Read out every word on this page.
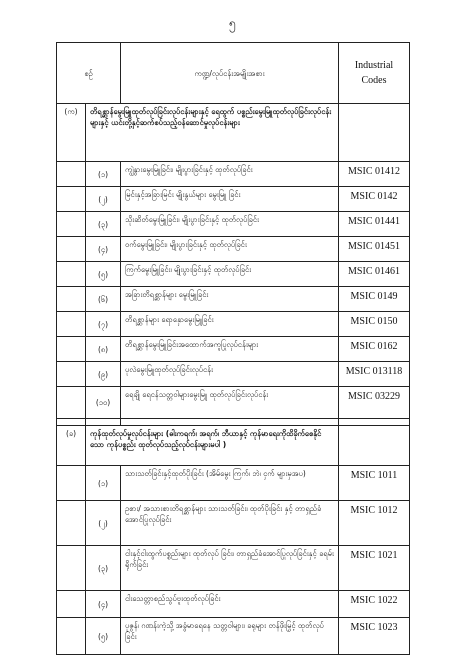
၅
စဉ်		ကဏ္ဍ/လုပ်ငန်းအမျိုးအစား	Industrial Codes
(က)	တိရစ္ဆာန်မွေးမြူထုတ်လုပ်ခြင်းလုပ်ငန်းများနှင့် ရေထွက် ပစ္စည်းမွေးမြူထုတ်လုပ်ခြင်းလုပ်ငန်းများနှင့် ယင်းတို့နှင့်ဆက်စပ်သည့်ဝန်ဆောင်မှုလုပ်ငန်းများ		
	(၁)	ကျွဲနွားမွေးမြူခြင်း၊ မျိုးပွားခြင်းနှင့် ထုတ်လုပ်ခြင်း	MSIC 01412
	(၂)	မြင်းနှင့်အခြားမြင်း မျိုးနွယ်များ မွေးမြူ ခြင်း	MSIC 0142
	(၃)	သိုးဆိတ်မွေးမြူခြင်း၊ မျိုးပွားခြင်းနှင့် ထုတ်လုပ်ခြင်း	MSIC 01441
	(၄)	ဝက်မွေးမြူခြင်း၊ မျိုးပွားခြင်းနှင့် ထုတ်လုပ်ခြင်း	MSIC 01451
	(၅)	ကြက်မွေးမြူခြင်း၊ မျိုးပွားခြင်းနှင့် ထုတ်လုပ်ခြင်း	MSIC 01461
	(၆)	အခြားတိရစ္ဆာန်များ မွေးမြူခြင်း	MSIC 0149
	(၇)	တိရစ္ဆာန်များ ရောနှောမွေးမြူခြင်း	MSIC 0150
	(၈)	တိရစ္ဆာန်မွေးမြူခြင်းအထောက်အကူပြုလုပ်ငန်းများ	MSIC 0162
	(၉)	ပုလဲမွေးမြူထုတ်လုပ်ခြင်းလုပ်ငန်း	MSIC 013118
	(၁၀)	ရေချို ရေငန်သတ္တဝါများမွေးမြူ ထုတ်လုပ်ခြင်းလုပ်ငန်း	MSIC 03229

(ခ)	ကုန်ထုတ်လုပ်မှုလုပ်ငန်းများ (ဓါးကရက်၊ အရက်၊ ဘီယာနှင့် ကုန်မာရေးကိုထိခိုက်စေနိုင်သော ကုန်ပစ္စည်း ထုတ်လုပ်သည့်လုပ်ငန်းများမပါ )		
	(၁)	သားသတ်ခြင်းနှင့်ထုတ်ပိုးခြင်း (အိမ်မွေး ကြက်၊ ဘဲ၊ ငှက် များမှအပ)	MSIC 1011
	(၂)	ဥစား/ အသားစားတိရစ္ဆာန်များ သားသတ်ခြင်း၊ ထုတ်ပိုးခြင်း နှင့် တာရှည်ခံအောင်ပြုလုပ်ခြင်း	MSIC 1012
	(၃)	ငါးနှင့်ငါးထွက်ပစ္စည်းများ ထုတ်လုပ် ခြင်း၊ တာရှည်ခံအောင်ပြုလုပ်ခြင်းနှင့် ခရမ်းရိုက်ခြင်း	MSIC 1021
	(၄)	ငါးသေတ္တာစည်သွပ်ဗူးထုတ်လုပ်ခြင်း	MSIC 1022
	(၅)	ပုဇွန်၊ ဂဏန်းကဲ့သို့ အခွံမာရေနေ သတ္တဝါများ၊ ခရုများ တန်ဖိုးမြှင့် ထုတ်လုပ်ခြင်း	MSIC 1023
